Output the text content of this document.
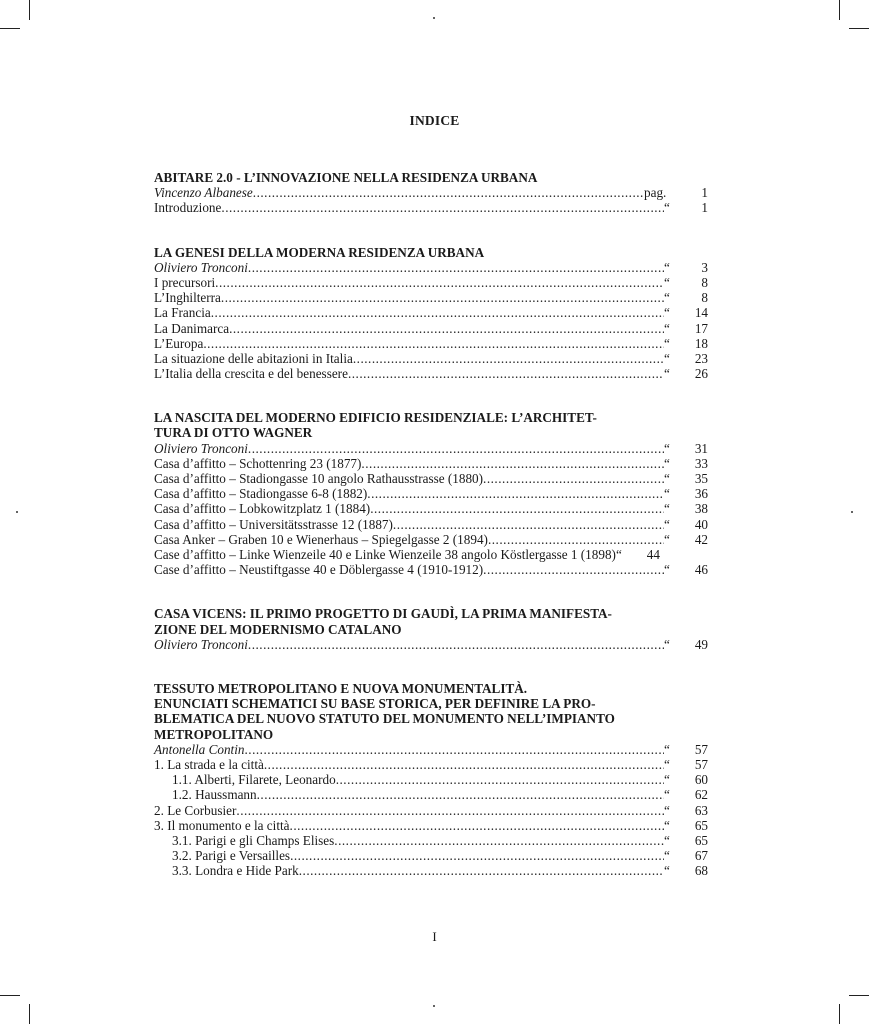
INDICE
ABITARE 2.0 - L’INNOVAZIONE NELLA RESIDENZA URBANA
Vincenzo Albanese .....	pag.	1
Introduzione .....	“	1
LA GENESI DELLA MODERNA RESIDENZA URBANA
Oliviero Tronconi .....	“	3
I precursori .....	“	8
L’Inghilterra .....	“	8
La Francia .....	“	14
La Danimarca .....	“	17
L’Europa .....	“	18
La situazione delle abitazioni in Italia .....	“	23
L’Italia della crescita e del benessere .....	“	26
LA NASCITA DEL MODERNO EDIFICIO RESIDENZIALE: L’ARCHITET-
TURA DI OTTO WAGNER
Oliviero Tronconi .....	“	31
Casa d’affitto – Schottenring 23 (1877) .....	“	33
Casa d’affitto – Stadiongasse 10 angolo Rathausstrasse (1880) .....	“	35
Casa d’affitto – Stadiongasse 6-8 (1882) .....	“	36
Casa d’affitto – Lobkowitzplatz 1 (1884) .....	“	38
Casa d’affitto – Universitätsstrasse 12 (1887) .....	“	40
Casa Anker – Graben 10 e Wienerhaus – Spiegelgasse 2 (1894) .....	“	42
Case d’affitto – Linke Wienzeile 40 e Linke Wienzeile 38 angolo Köstlergasse 1 (1898) “	44
Case d’affitto – Neustiftgasse 40 e Döblergasse 4 (1910-1912) .....	“	46
CASA VICENS: IL PRIMO PROGETTO DI GAUDÌ, LA PRIMA MANIFESTA-
ZIONE DEL MODERNISMO CATALANO
Oliviero Tronconi .....	“	49
TESSUTO METROPOLITANO E NUOVA MONUMENTALITÀ.
ENUNCIATI SCHEMATICI SU BASE STORICA, PER DEFINIRE LA PRO-
BLEMATICA DEL NUOVO STATUTO DEL MONUMENTO NELL’IMPIANTO
METROPOLITANO
Antonella Contin .....	“	57
1. La strada e la città .....	“	57
1.1. Alberti, Filarete, Leonardo .....	“	60
1.2. Haussmann .....	“	62
2. Le Corbusier .....	“	63
3. Il monumento e la città .....	“	65
3.1. Parigi e gli Champs Elises .....	“	65
3.2. Parigi e Versailles .....	“	67
3.3. Londra e Hide Park .....	“	68
I
